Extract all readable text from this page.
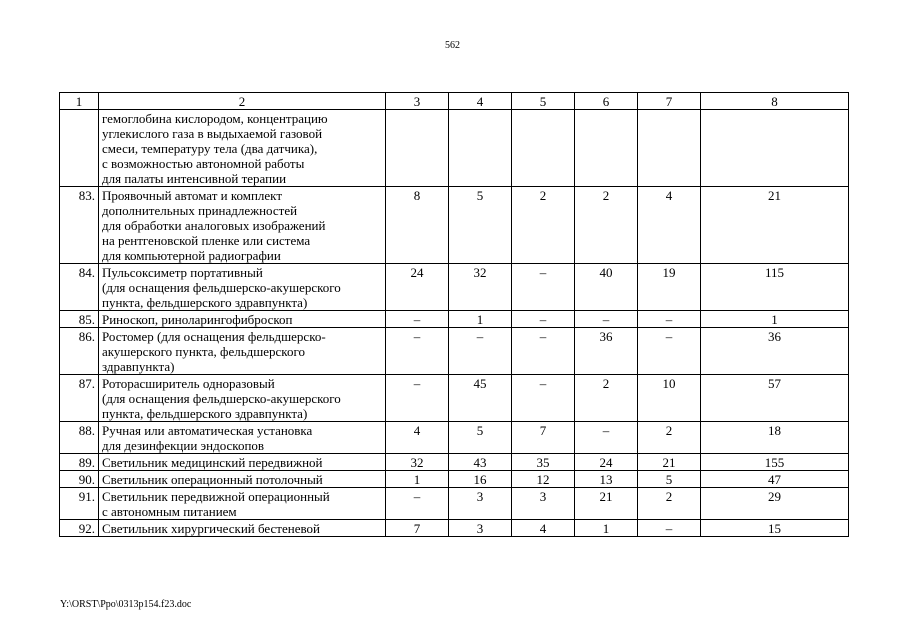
562
1	2	3	4	5	6	7	8
	гемоглобина кислородом, концентрацию
углекислого газа в выдыхаемой газовой
смеси, температуру тела (два датчика),
с возможностью автономной работы
для палаты интенсивной терапии						
83.	Проявочный автомат и комплект
дополнительных принадлежностей
для обработки аналоговых изображений
на рентгеновской пленке или система
для компьютерной радиографии	8	5	2	2	4	21
84.	Пульсоксиметр портативный
(для оснащения фельдшерско-акушерского
пункта, фельдшерского здравпункта)	24	32	–	40	19	115
85.	Риноскоп, риноларингофиброскоп	–	1	–	–	–	1
86.	Ростомер (для оснащения фельдшерско-
акушерского пункта, фельдшерского
здравпункта)	–	–	–	36	–	36
87.	Роторасширитель одноразовый
(для оснащения фельдшерско-акушерского
пункта, фельдшерского здравпункта)	–	45	–	2	10	57
88.	Ручная или автоматическая установка
для дезинфекции эндоскопов	4	5	7	–	2	18
89.	Светильник медицинский передвижной	32	43	35	24	21	155
90.	Светильник операционный потолочный	1	16	12	13	5	47
91.	Светильник передвижной операционный
с автономным питанием	–	3	3	21	2	29
92.	Светильник хирургический бестеневой	7	3	4	1	–	15
Y:\ORST\Ppo\0313p154.f23.doc
